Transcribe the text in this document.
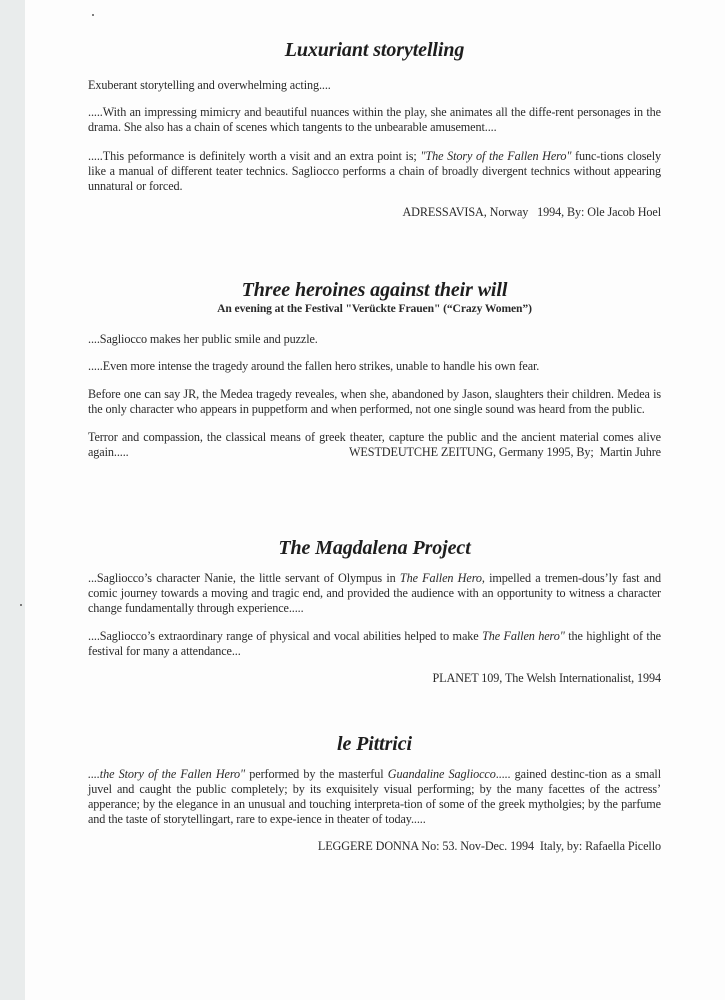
Luxuriant storytelling

Exuberant storytelling and overwhelming acting....

.....With an impressing mimicry and beautiful nuances within the play, she animates all the diffe-rent personages in the drama. She also has a chain of scenes which tangents to the unbearable amusement....

.....This peformance is definitely worth a visit and an extra point is; "The Story of the Fallen Hero" func-tions closely like a manual of different teater technics. Sagliocco performs a chain of broadly divergent technics without appearing unnatural or forced.

ADRESSAVISA, Norway   1994, By: Ole Jacob Hoel
Three heroines against their will
An evening at the Festival "Verückte Frauen" (“Crazy Women”)

....Sagliocco makes her public smile and puzzle.

.....Even more intense the tragedy around the fallen hero strikes, unable to handle his own fear.

Before one can say JR, the Medea tragedy reveales, when she, abandoned by Jason, slaughters their children. Medea is the only character who appears in puppetform and when performed, not one single sound was heard from the public.

Terror and compassion, the classical means of greek theater, capture the public and the ancient material comes alive again.....	WESTDEUTCHE ZEITUNG, Germany 1995, By;  Martin Juhre
The Magdalena Project

...Sagliocco’s character Nanie, the little servant of Olympus in The Fallen Hero, impelled a tremen-dous’ly fast and comic journey towards a moving and tragic end, and provided the audience with an opportunity to witness a character change fundamentally through experience.....

....Sagliocco’s extraordinary range of physical and vocal abilities helped to make The Fallen hero" the highlight of the festival for many a attendance...

PLANET 109, The Welsh Internationalist, 1994
le Pittrici

....the Story of the Fallen Hero" performed by the masterful Guandaline Sagliocco..... gained destinc-tion as a small juvel and caught the public completely; by its exquisitely visual performing; by the many facettes of the actress’ apperance; by the elegance in an unusual and touching interpreta-tion of some of the greek mytholgies; by the parfume and the taste of storytellingart, rare to expe-ience in theater of today.....

LEGGERE DONNA No: 53. Nov-Dec. 1994  Italy, by: Rafaella Picello
